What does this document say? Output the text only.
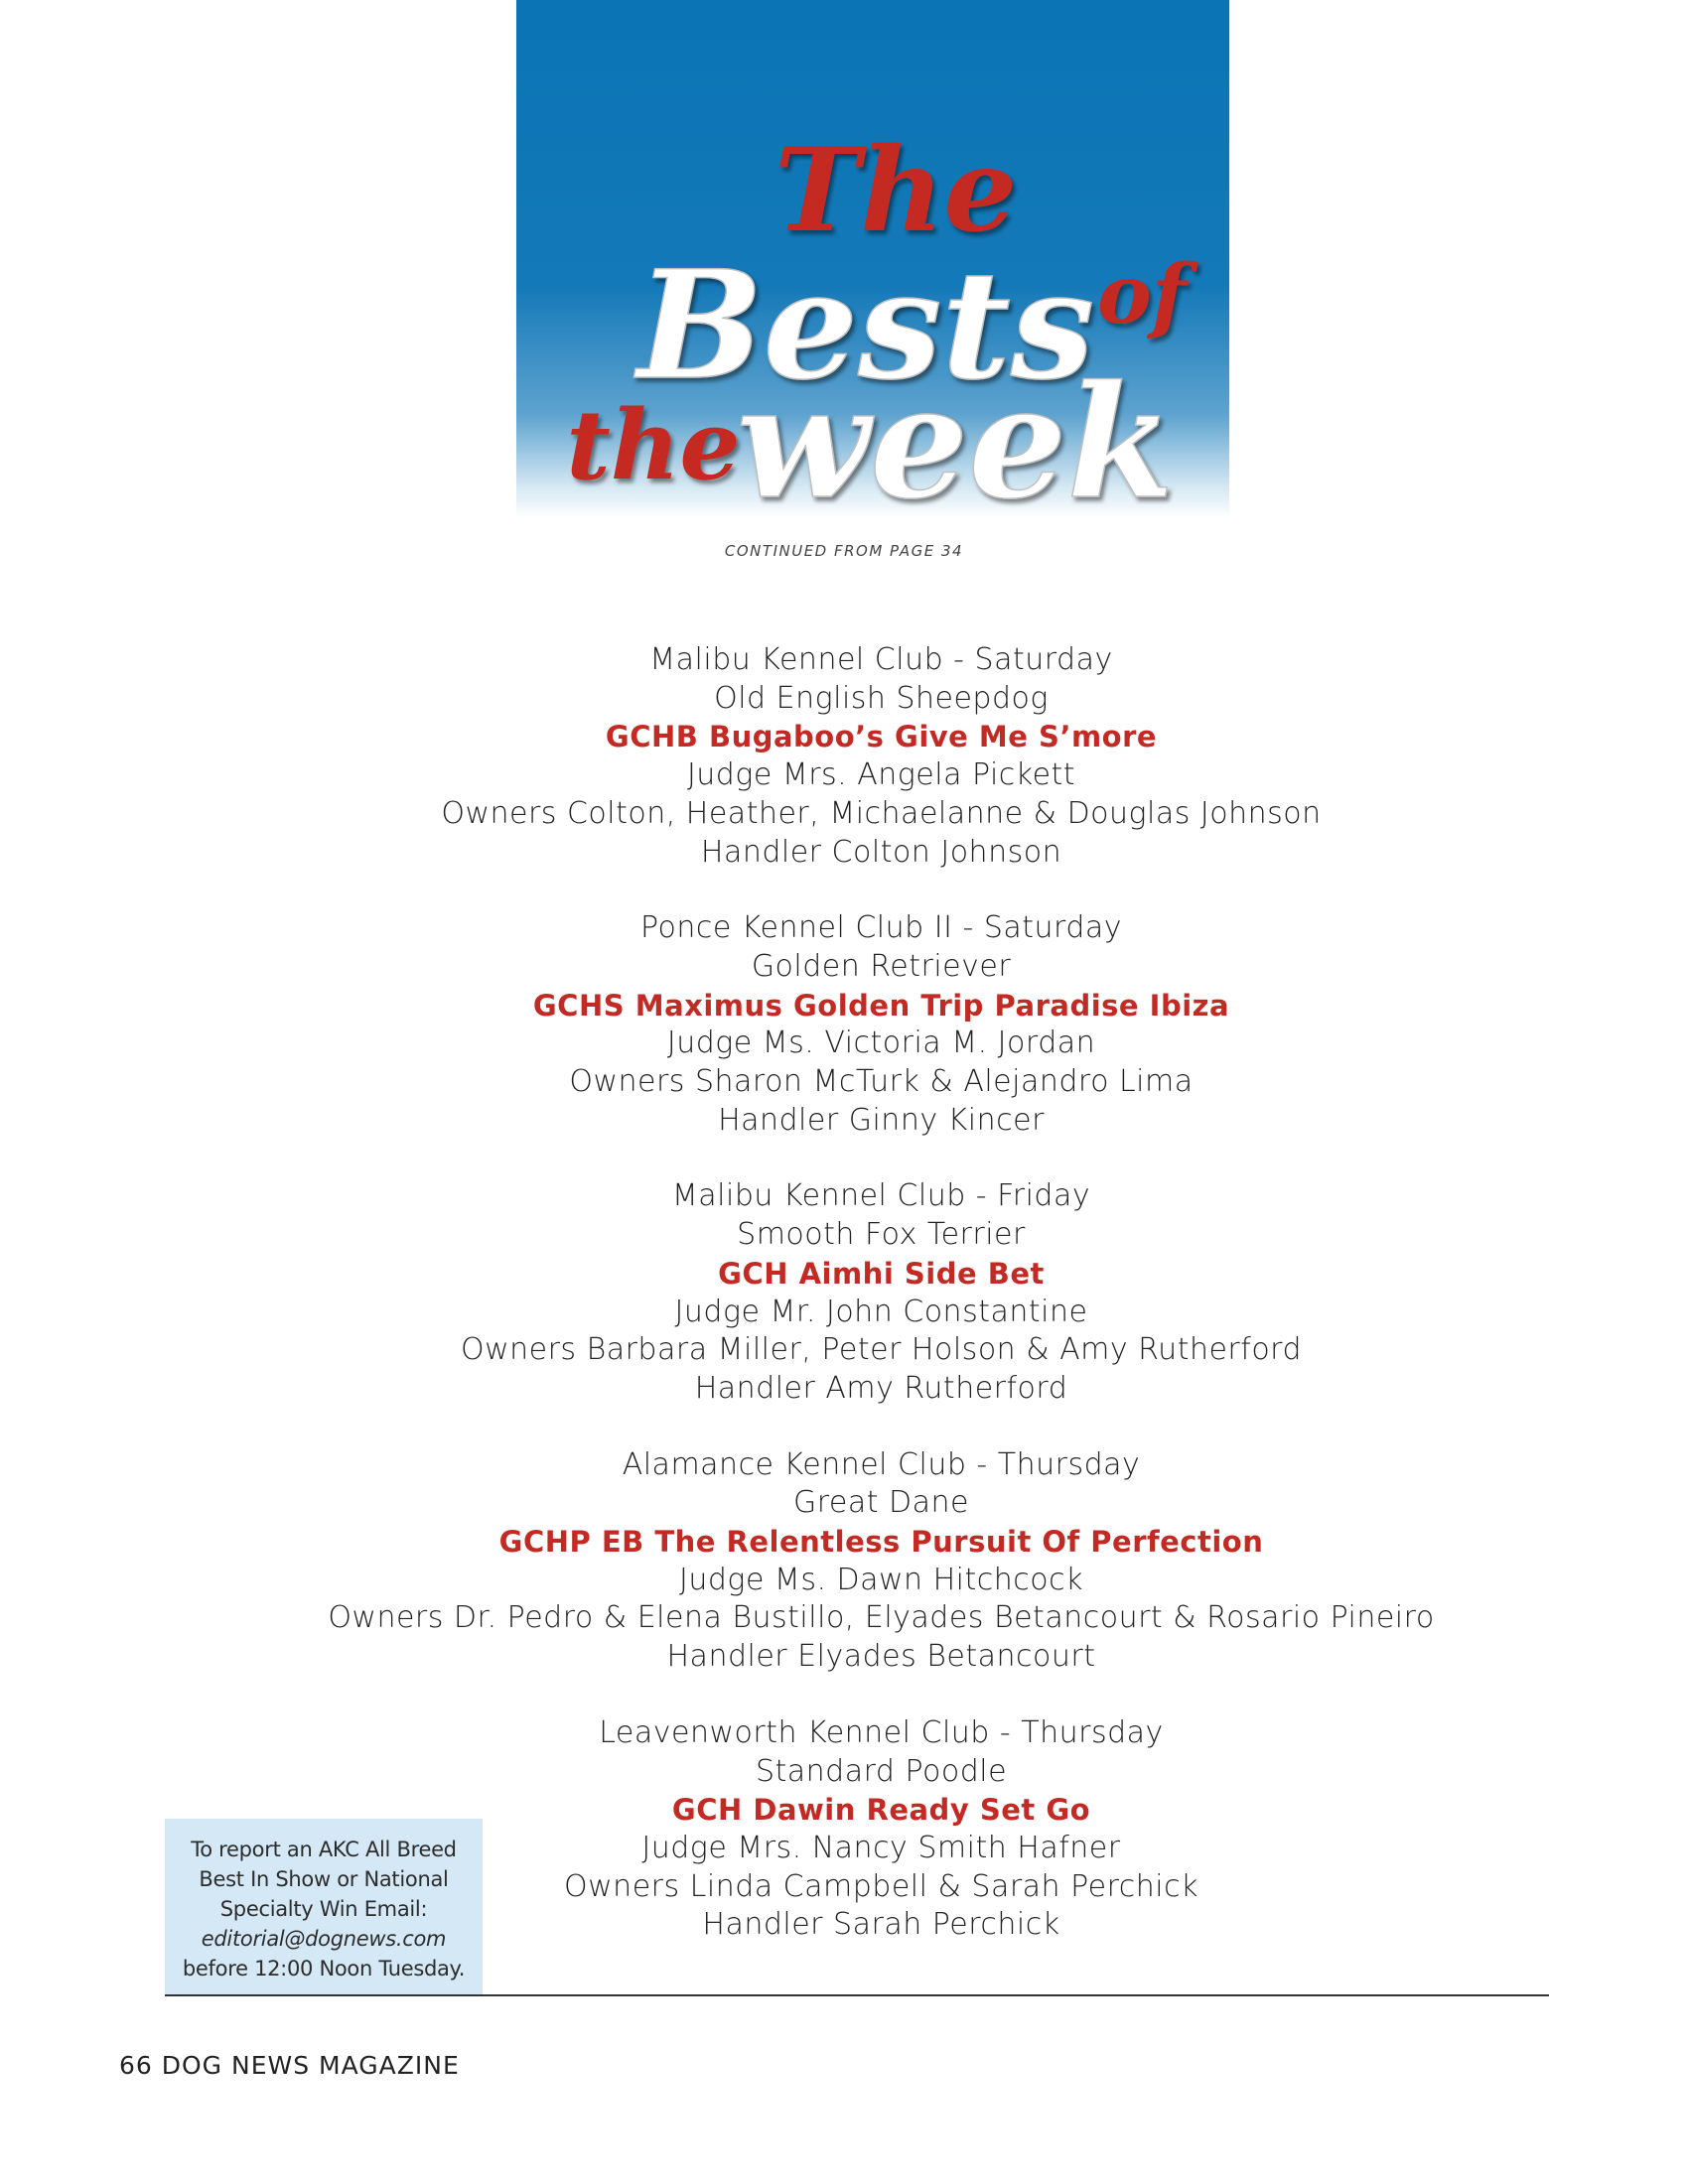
The
Bests of
the
week
CONTINUED FROM PAGE 34
Malibu Kennel Club - Saturday
Old English Sheepdog
GCHB Bugaboo’s Give Me S’more
Judge Mrs. Angela Pickett
Owners Colton, Heather, Michaelanne & Douglas Johnson
Handler Colton Johnson
Ponce Kennel Club II - Saturday
Golden Retriever
GCHS Maximus Golden Trip Paradise Ibiza
Judge Ms. Victoria M. Jordan
Owners Sharon McTurk & Alejandro Lima
Handler Ginny Kincer
Malibu Kennel Club - Friday
Smooth Fox Terrier
GCH Aimhi Side Bet
Judge Mr. John Constantine
Owners Barbara Miller, Peter Holson & Amy Rutherford
Handler Amy Rutherford
Alamance Kennel Club - Thursday
Great Dane
GCHP EB The Relentless Pursuit Of Perfection
Judge Ms. Dawn Hitchcock
Owners Dr. Pedro & Elena Bustillo, Elyades Betancourt & Rosario Pineiro
Handler Elyades Betancourt
Leavenworth Kennel Club - Thursday
Standard Poodle
GCH Dawin Ready Set Go
Judge Mrs. Nancy Smith Hafner
Owners Linda Campbell & Sarah Perchick
Handler Sarah Perchick
To report an AKC All Breed
Best In Show or National
Specialty Win Email:
editorial@dognews.com
before 12:00 Noon Tuesday.
66 DOG NEWS MAGAZINE
